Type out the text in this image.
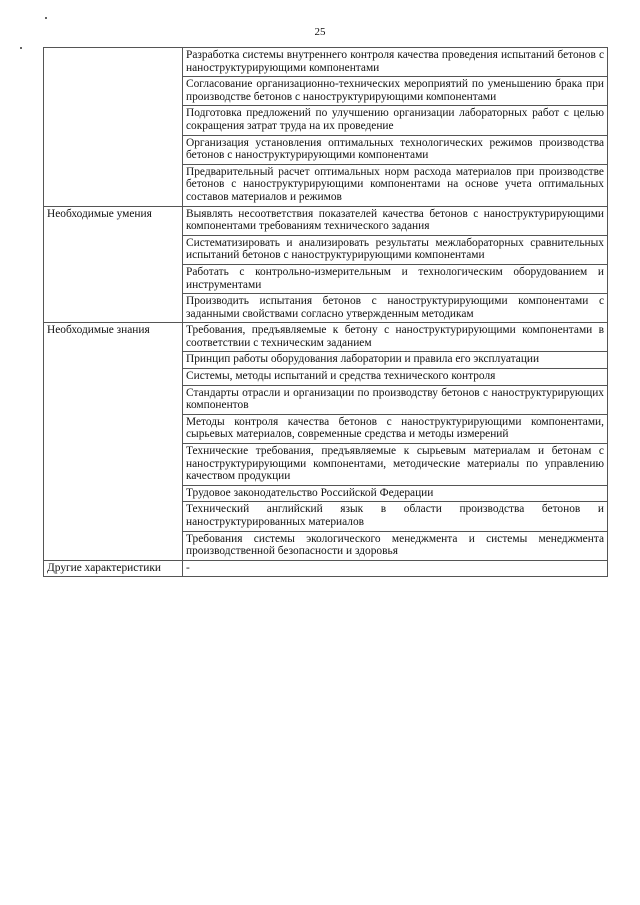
25
	Разработка системы внутреннего контроля качества проведения испытаний бетонов с наноструктурирующими компонентами
	Согласование организационно-технических мероприятий по уменьшению брака при производстве бетонов с наноструктурирующими компонентами
	Подготовка предложений по улучшению организации лабораторных работ с целью сокращения затрат труда на их проведение
	Организация установления оптимальных технологических режимов производства бетонов с наноструктурирующими компонентами
	Предварительный расчет оптимальных норм расхода материалов при производстве бетонов с наноструктурирующими компонентами на основе учета оптимальных составов материалов и режимов
Необходимые умения	Выявлять несоответствия показателей качества бетонов с наноструктурирующими компонентами требованиям технического задания
	Систематизировать и анализировать результаты межлабораторных сравнительных испытаний бетонов с наноструктурирующими компонентами
	Работать с контрольно-измерительным и технологическим оборудованием и инструментами
	Производить испытания бетонов с наноструктурирующими компонентами с заданными свойствами согласно утвержденным методикам
Необходимые знания	Требования, предъявляемые к бетону с наноструктурирующими компонентами в соответствии с техническим заданием
	Принцип работы оборудования лаборатории и правила его эксплуатации
	Системы, методы испытаний и средства технического контроля
	Стандарты отрасли и организации по производству бетонов с наноструктурирующих компонентов
	Методы контроля качества бетонов с наноструктурирующими компонентами, сырьевых материалов, современные средства и методы измерений
	Технические требования, предъявляемые к сырьевым материалам и бетонам с наноструктурирующими компонентами, методические материалы по управлению качеством продукции
	Трудовое законодательство Российской Федерации
	Технический английский язык в области производства бетонов и наноструктурированных материалов
	Требования системы экологического менеджмента и системы менеджмента производственной безопасности и здоровья
Другие характеристики	-
